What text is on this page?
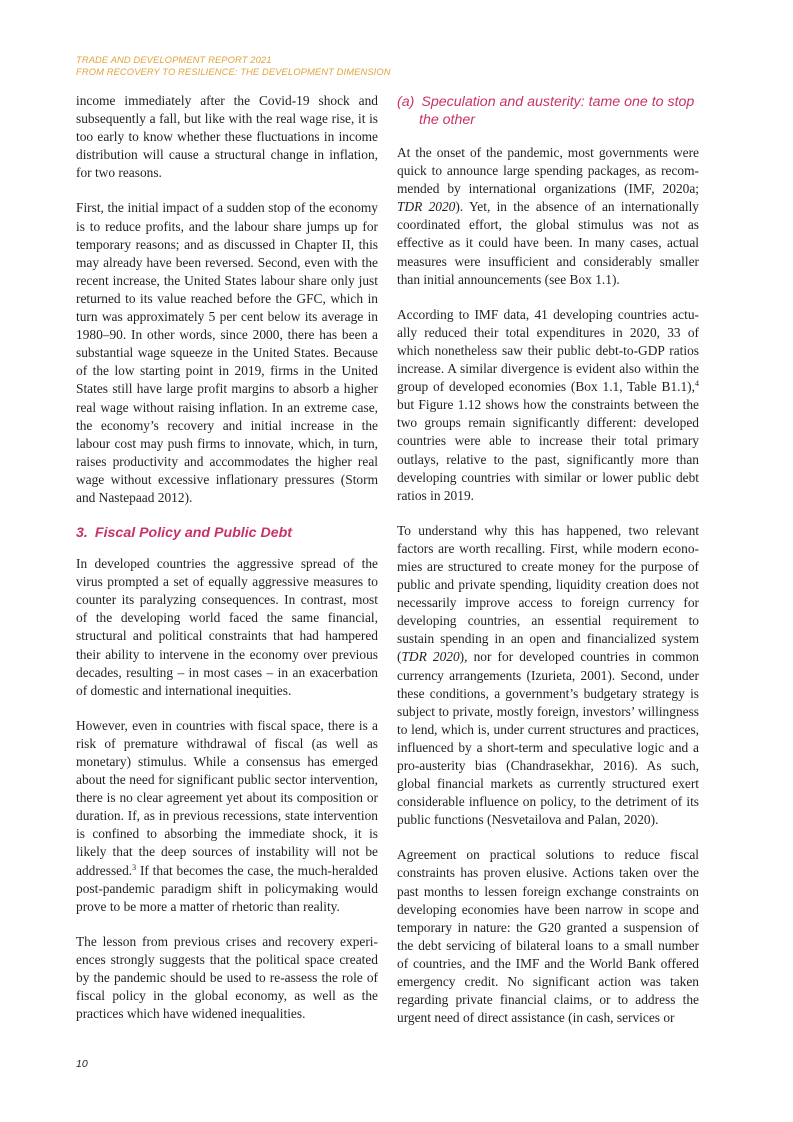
TRADE AND DEVELOPMENT REPORT 2021
FROM RECOVERY TO RESILIENCE: THE DEVELOPMENT DIMENSION

income immediately after the Covid-19 shock and subsequently a fall, but like with the real wage rise, it is too early to know whether these fluctuations in income distribution will cause a structural change in inflation, for two reasons.

First, the initial impact of a sudden stop of the economy is to reduce profits, and the labour share jumps up for temporary reasons; and as discussed in Chapter II, this may already have been reversed. Second, even with the recent increase, the United States labour share only just returned to its value reached before the GFC, which in turn was approximately 5 per cent below its average in 1980–90. In other words, since 2000, there has been a substantial wage squeeze in the United States. Because of the low starting point in 2019, firms in the United States still have large profit margins to absorb a higher real wage without raising inflation. In an extreme case, the economy’s recovery and initial increase in the labour cost may push firms to innovate, which, in turn, raises productivity and accommodates the higher real wage without excessive inflationary pressures (Storm and Nastepaad 2012).

3. Fiscal Policy and Public Debt

In developed countries the aggressive spread of the virus prompted a set of equally aggressive measures to counter its paralyzing consequences. In contrast, most of the developing world faced the same financial, structural and political constraints that had hampered their ability to intervene in the economy over previous decades, resulting – in most cases – in an exacerbation of domestic and international inequities.

However, even in countries with fiscal space, there is a risk of premature withdrawal of fiscal (as well as monetary) stimulus. While a consensus has emerged about the need for significant public sector intervention, there is no clear agreement yet about its composition or duration. If, as in previous recessions, state intervention is confined to absorbing the immediate shock, it is likely that the deep sources of instability will not be addressed.$^3$ If that becomes the case, the much-heralded post-pandemic paradigm shift in policymaking would prove to be more a matter of rhetoric than reality.

The lesson from previous crises and recovery experiences strongly suggests that the political space created by the pandemic should be used to re-assess the role of fiscal policy in the global economy, as well as the practices which have widened inequalities.

(a) Speculation and austerity: tame one to stop the other

At the onset of the pandemic, most governments were quick to announce large spending packages, as recommended by international organizations (IMF, 2020a; TDR 2020). Yet, in the absence of an internationally coordinated effort, the global stimulus was not as effective as it could have been. In many cases, actual measures were insufficient and considerably smaller than initial announcements (see Box 1.1).

According to IMF data, 41 developing countries actually reduced their total expenditures in 2020, 33 of which nonetheless saw their public debt-to-GDP ratios increase. A similar divergence is evident also within the group of developed economies (Box 1.1, Table B1.1),$^4$ but Figure 1.12 shows how the constraints between the two groups remain significantly different: developed countries were able to increase their total primary outlays, relative to the past, significantly more than developing countries with similar or lower public debt ratios in 2019.

To understand why this has happened, two relevant factors are worth recalling. First, while modern economies are structured to create money for the purpose of public and private spending, liquidity creation does not necessarily improve access to foreign currency for developing countries, an essential requirement to sustain spending in an open and financialized system (TDR 2020), nor for developed countries in common currency arrangements (Izurieta, 2001). Second, under these conditions, a government’s budgetary strategy is subject to private, mostly foreign, investors’ willingness to lend, which is, under current structures and practices, influenced by a short-term and speculative logic and a pro-austerity bias (Chandrasekhar, 2016). As such, global financial markets as currently structured exert considerable influence on policy, to the detriment of its public functions (Nesvetailova and Palan, 2020).

Agreement on practical solutions to reduce fiscal constraints has proven elusive. Actions taken over the past months to lessen foreign exchange constraints on developing economies have been narrow in scope and temporary in nature: the G20 granted a suspension of the debt servicing of bilateral loans to a small number of countries, and the IMF and the World Bank offered emergency credit. No significant action was taken regarding private financial claims, or to address the urgent need of direct assistance (in cash, services or

10
